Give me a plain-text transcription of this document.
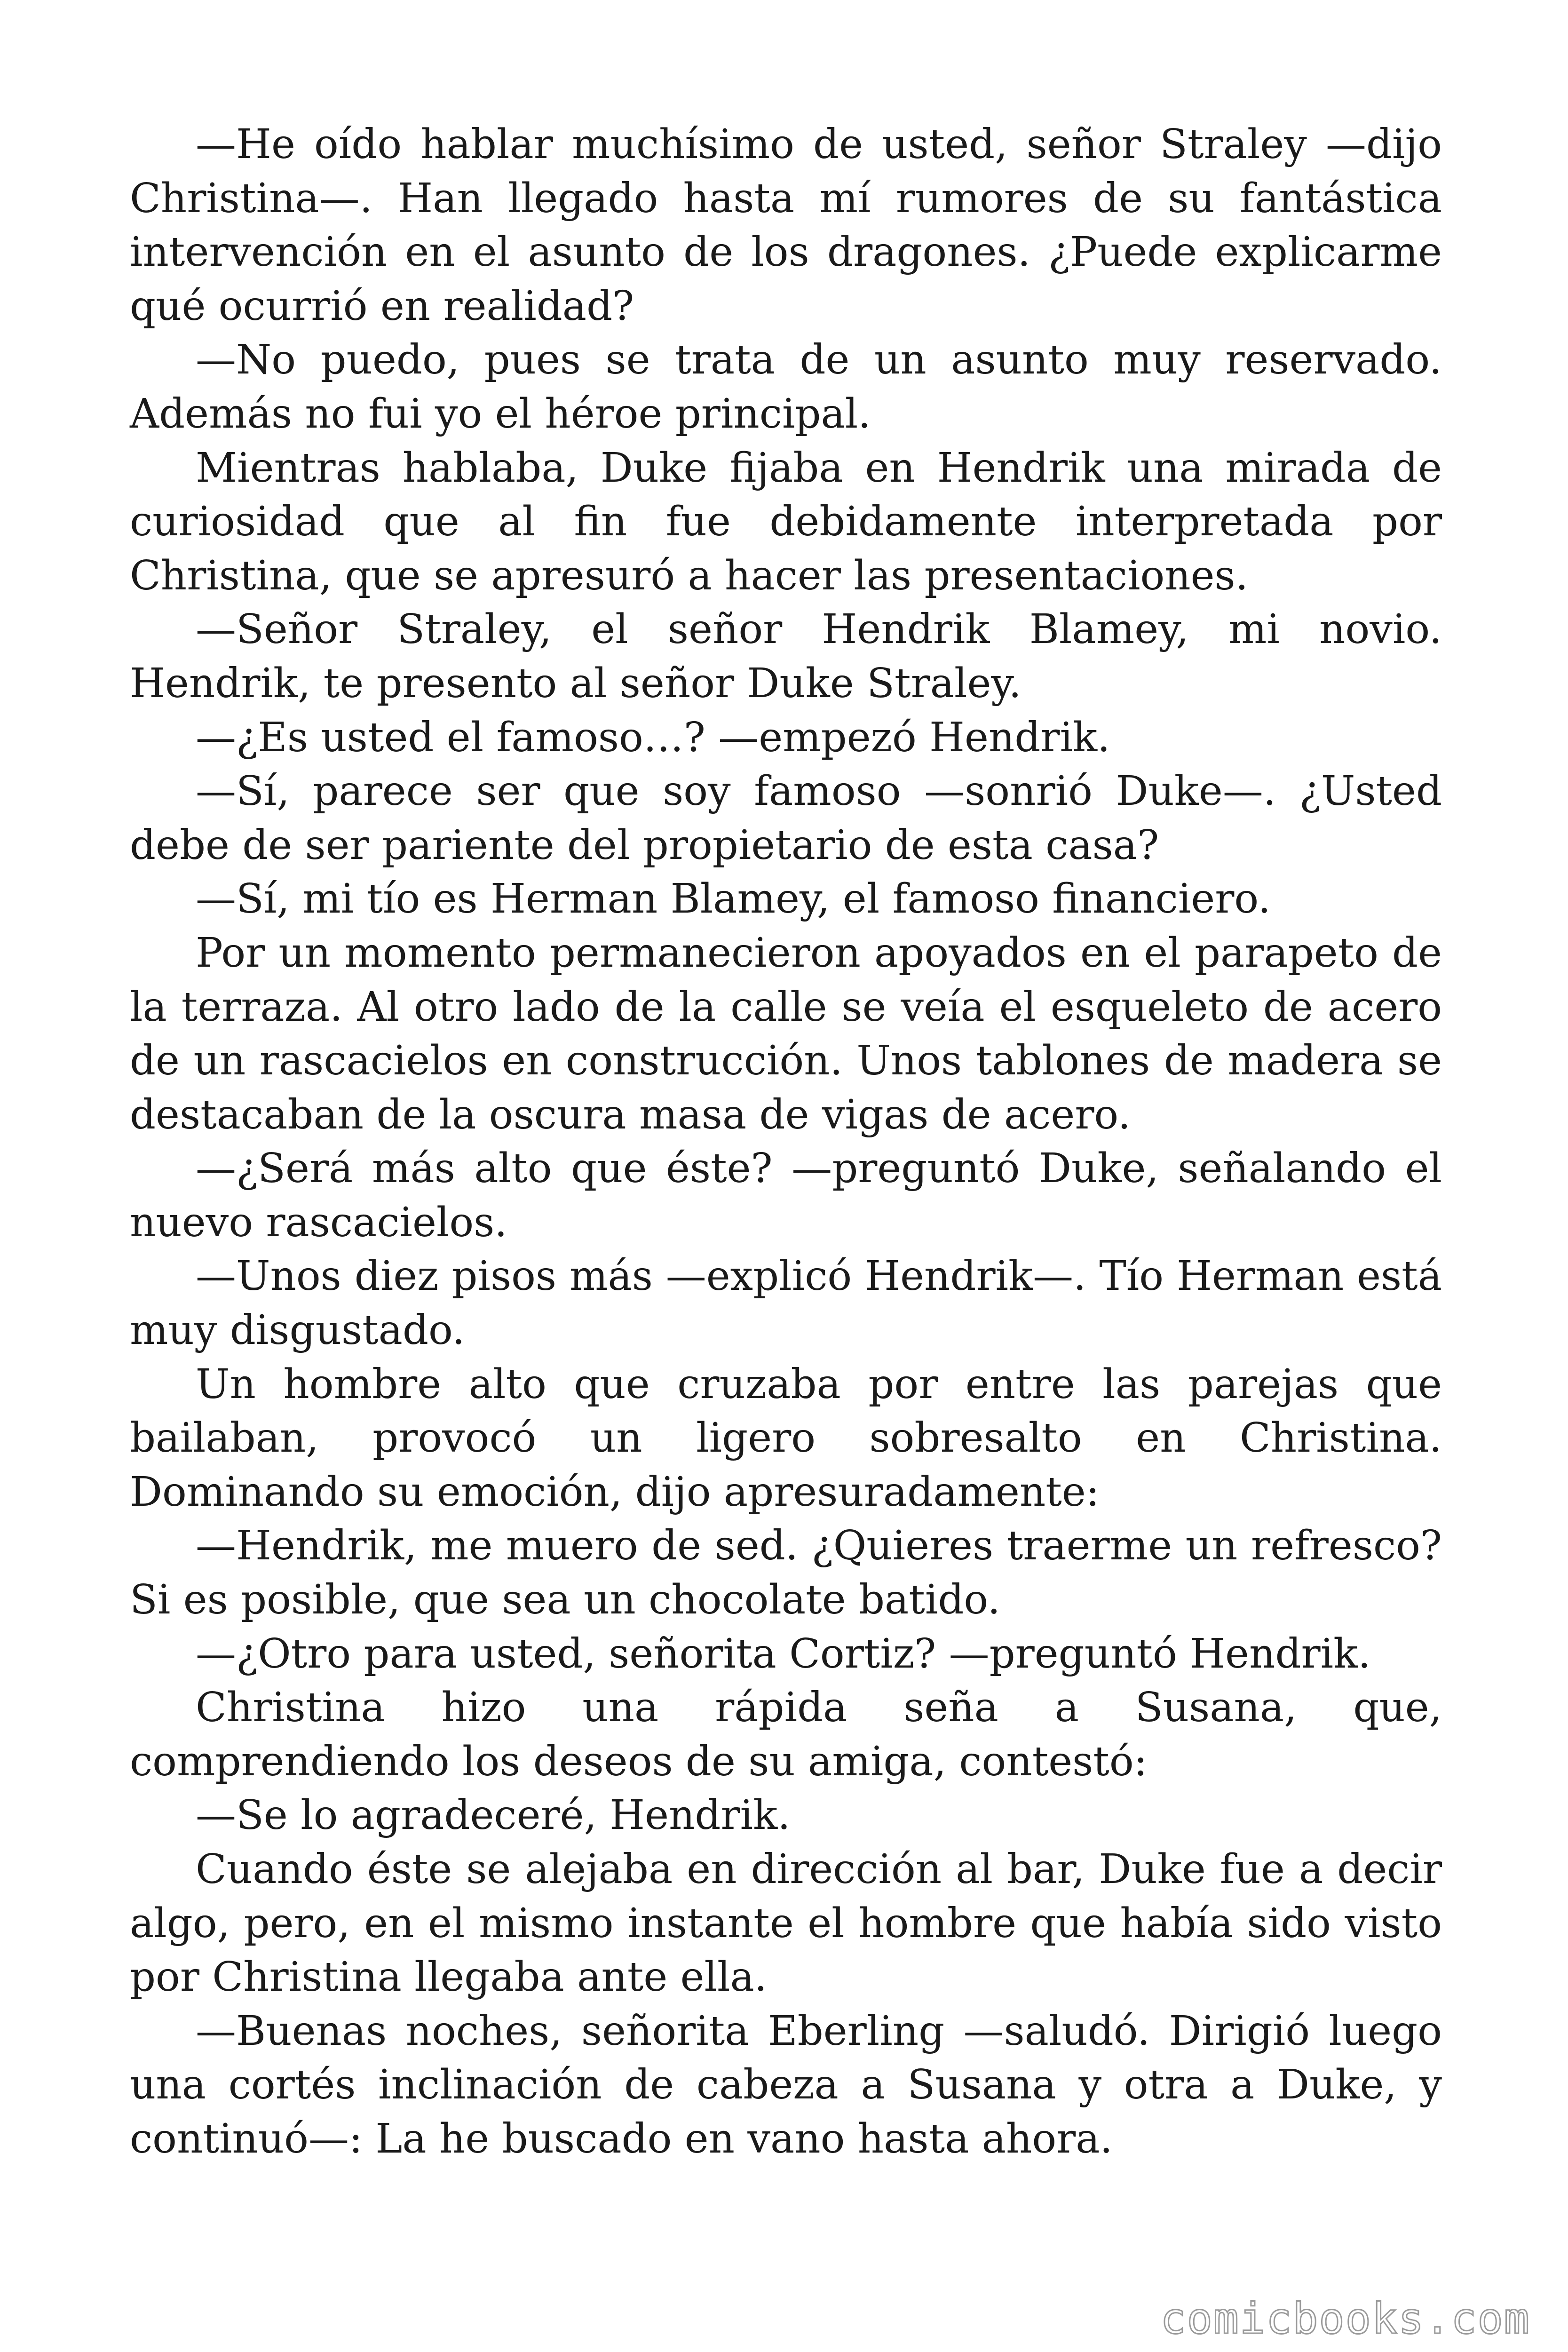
—He oído hablar muchísimo de usted, señor Straley —dijo Christina—. Han llegado hasta mí rumores de su fantástica intervención en el asunto de los dragones. ¿Puede explicarme qué ocurrió en realidad?

—No puedo, pues se trata de un asunto muy reservado. Además no fui yo el héroe principal.

Mientras hablaba, Duke fijaba en Hendrik una mirada de curiosidad que al fin fue debidamente interpretada por Christina, que se apresuró a hacer las presentaciones.

—Señor Straley, el señor Hendrik Blamey, mi novio. Hendrik, te presento al señor Duke Straley.

—¿Es usted el famoso…? —empezó Hendrik.

—Sí, parece ser que soy famoso —sonrió Duke—. ¿Usted debe de ser pariente del propietario de esta casa?

—Sí, mi tío es Herman Blamey, el famoso financiero.

Por un momento permanecieron apoyados en el parapeto de la terraza. Al otro lado de la calle se veía el esqueleto de acero de un rascacielos en construcción. Unos tablones de madera se destacaban de la oscura masa de vigas de acero.

—¿Será más alto que éste? —preguntó Duke, señalando el nuevo rascacielos.

—Unos diez pisos más —explicó Hendrik—. Tío Herman está muy disgustado.

Un hombre alto que cruzaba por entre las parejas que bailaban, provocó un ligero sobresalto en Christina. Dominando su emoción, dijo apresuradamente:

—Hendrik, me muero de sed. ¿Quieres traerme un refresco? Si es posible, que sea un chocolate batido.

—¿Otro para usted, señorita Cortiz? —preguntó Hendrik.

Christina hizo una rápida seña a Susana, que, comprendiendo los deseos de su amiga, contestó:

—Se lo agradeceré, Hendrik.

Cuando éste se alejaba en dirección al bar, Duke fue a decir algo, pero, en el mismo instante el hombre que había sido visto por Christina llegaba ante ella.

—Buenas noches, señorita Eberling —saludó. Dirigió luego una cortés inclinación de cabeza a Susana y otra a Duke, y continuó—: La he buscado en vano hasta ahora.

comicbooks.com
